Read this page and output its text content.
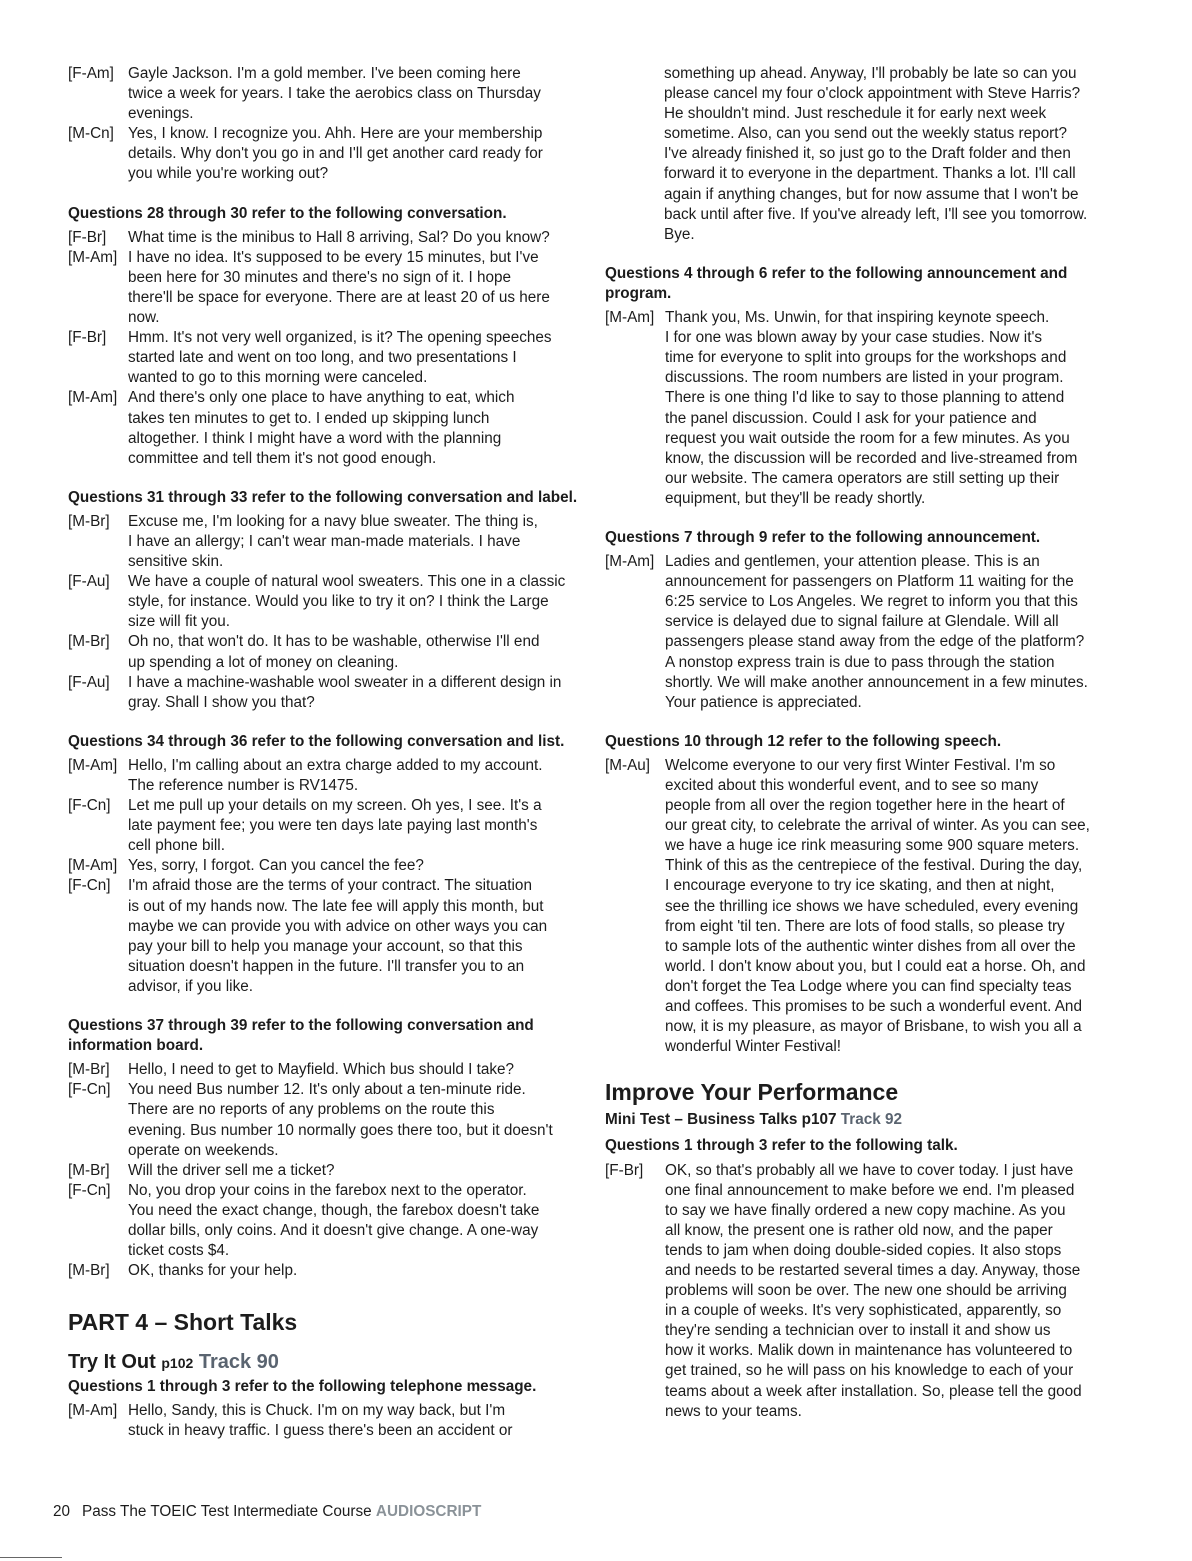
[F-Am] Gayle Jackson. I'm a gold member. I've been coming here
twice a week for years. I take the aerobics class on Thursday
evenings.
[M-Cn] Yes, I know. I recognize you. Ahh. Here are your membership
details. Why don't you go in and I'll get another card ready for
you while you're working out?
Questions 28 through 30 refer to the following conversation.
[F-Br]	What time is the minibus to Hall 8 arriving, Sal? Do you know?
[M-Am] I have no idea. It's supposed to be every 15 minutes, but I've
been here for 30 minutes and there's no sign of it. I hope
there'll be space for everyone. There are at least 20 of us here
now.
[F-Br]	Hmm. It's not very well organized, is it? The opening speeches
started late and went on too long, and two presentations I
wanted to go to this morning were canceled.
[M-Am] And there's only one place to have anything to eat, which
takes ten minutes to get to. I ended up skipping lunch
altogether. I think I might have a word with the planning
committee and tell them it's not good enough.
Questions 31 through 33 refer to the following conversation and label.
[M-Br]	Excuse me, I'm looking for a navy blue sweater. The thing is,
I have an allergy; I can't wear man-made materials. I have
sensitive skin.
[F-Au]	We have a couple of natural wool sweaters. This one in a classic
style, for instance. Would you like to try it on? I think the Large
size will fit you.
[M-Br]	Oh no, that won't do. It has to be washable, otherwise I'll end
up spending a lot of money on cleaning.
[F-Au]	I have a machine-washable wool sweater in a different design in
gray. Shall I show you that?
Questions 34 through 36 refer to the following conversation and list.
[M-Am] Hello, I'm calling about an extra charge added to my account.
The reference number is RV1475.
[F-Cn]	Let me pull up your details on my screen. Oh yes, I see. It's a
late payment fee; you were ten days late paying last month's
cell phone bill.
[M-Am] Yes, sorry, I forgot. Can you cancel the fee?
[F-Cn]	I'm afraid those are the terms of your contract. The situation
is out of my hands now. The late fee will apply this month, but
maybe we can provide you with advice on other ways you can
pay your bill to help you manage your account, so that this
situation doesn't happen in the future. I'll transfer you to an
advisor, if you like.
Questions 37 through 39 refer to the following conversation and information board.
[M-Br]	Hello, I need to get to Mayfield. Which bus should I take?
[F-Cn]	You need Bus number 12. It's only about a ten-minute ride.
There are no reports of any problems on the route this
evening. Bus number 10 normally goes there too, but it doesn't
operate on weekends.
[M-Br]	Will the driver sell me a ticket?
[F-Cn]	No, you drop your coins in the farebox next to the operator.
You need the exact change, though, the farebox doesn't take
dollar bills, only coins. And it doesn't give change. A one-way
ticket costs $4.
[M-Br]	OK, thanks for your help.
PART 4 – Short Talks
Try It Out p102 Track 90
Questions 1 through 3 refer to the following telephone message.
[M-Am] Hello, Sandy, this is Chuck. I'm on my way back, but I'm
stuck in heavy traffic. I guess there's been an accident or
something up ahead. Anyway, I'll probably be late so can you
please cancel my four o'clock appointment with Steve Harris?
He shouldn't mind. Just reschedule it for early next week
sometime. Also, can you send out the weekly status report?
I've already finished it, so just go to the Draft folder and then
forward it to everyone in the department. Thanks a lot. I'll call
again if anything changes, but for now assume that I won't be
back until after five. If you've already left, I'll see you tomorrow.
Bye.
Questions 4 through 6 refer to the following announcement and program.
[M-Am] Thank you, Ms. Unwin, for that inspiring keynote speech.
I for one was blown away by your case studies. Now it's
time for everyone to split into groups for the workshops and
discussions. The room numbers are listed in your program.
There is one thing I'd like to say to those planning to attend
the panel discussion. Could I ask for your patience and
request you wait outside the room for a few minutes. As you
know, the discussion will be recorded and live-streamed from
our website. The camera operators are still setting up their
equipment, but they'll be ready shortly.
Questions 7 through 9 refer to the following announcement.
[M-Am] Ladies and gentlemen, your attention please. This is an
announcement for passengers on Platform 11 waiting for the
6:25 service to Los Angeles. We regret to inform you that this
service is delayed due to signal failure at Glendale. Will all
passengers please stand away from the edge of the platform?
A nonstop express train is due to pass through the station
shortly. We will make another announcement in a few minutes.
Your patience is appreciated.
Questions 10 through 12 refer to the following speech.
[M-Au] Welcome everyone to our very first Winter Festival. I'm so
excited about this wonderful event, and to see so many
people from all over the region together here in the heart of
our great city, to celebrate the arrival of winter. As you can see,
we have a huge ice rink measuring some 900 square meters.
Think of this as the centrepiece of the festival. During the day,
I encourage everyone to try ice skating, and then at night,
see the thrilling ice shows we have scheduled, every evening
from eight 'til ten. There are lots of food stalls, so please try
to sample lots of the authentic winter dishes from all over the
world. I don't know about you, but I could eat a horse. Oh, and
don't forget the Tea Lodge where you can find specialty teas
and coffees. This promises to be such a wonderful event. And
now, it is my pleasure, as mayor of Brisbane, to wish you all a
wonderful Winter Festival!
Improve Your Performance
Mini Test – Business Talks p107 Track 92
Questions 1 through 3 refer to the following talk.
[F-Br]	OK, so that's probably all we have to cover today. I just have
one final announcement to make before we end. I'm pleased
to say we have finally ordered a new copy machine. As you
all know, the present one is rather old now, and the paper
tends to jam when doing double-sided copies. It also stops
and needs to be restarted several times a day. Anyway, those
problems will soon be over. The new one should be arriving
in a couple of weeks. It's very sophisticated, apparently, so
they're sending a technician over to install it and show us
how it works. Malik down in maintenance has volunteered to
get trained, so he will pass on his knowledge to each of your
teams about a week after installation. So, please tell the good
news to your teams.
20 Pass The TOEIC Test Intermediate Course AUDIOSCRIPT
